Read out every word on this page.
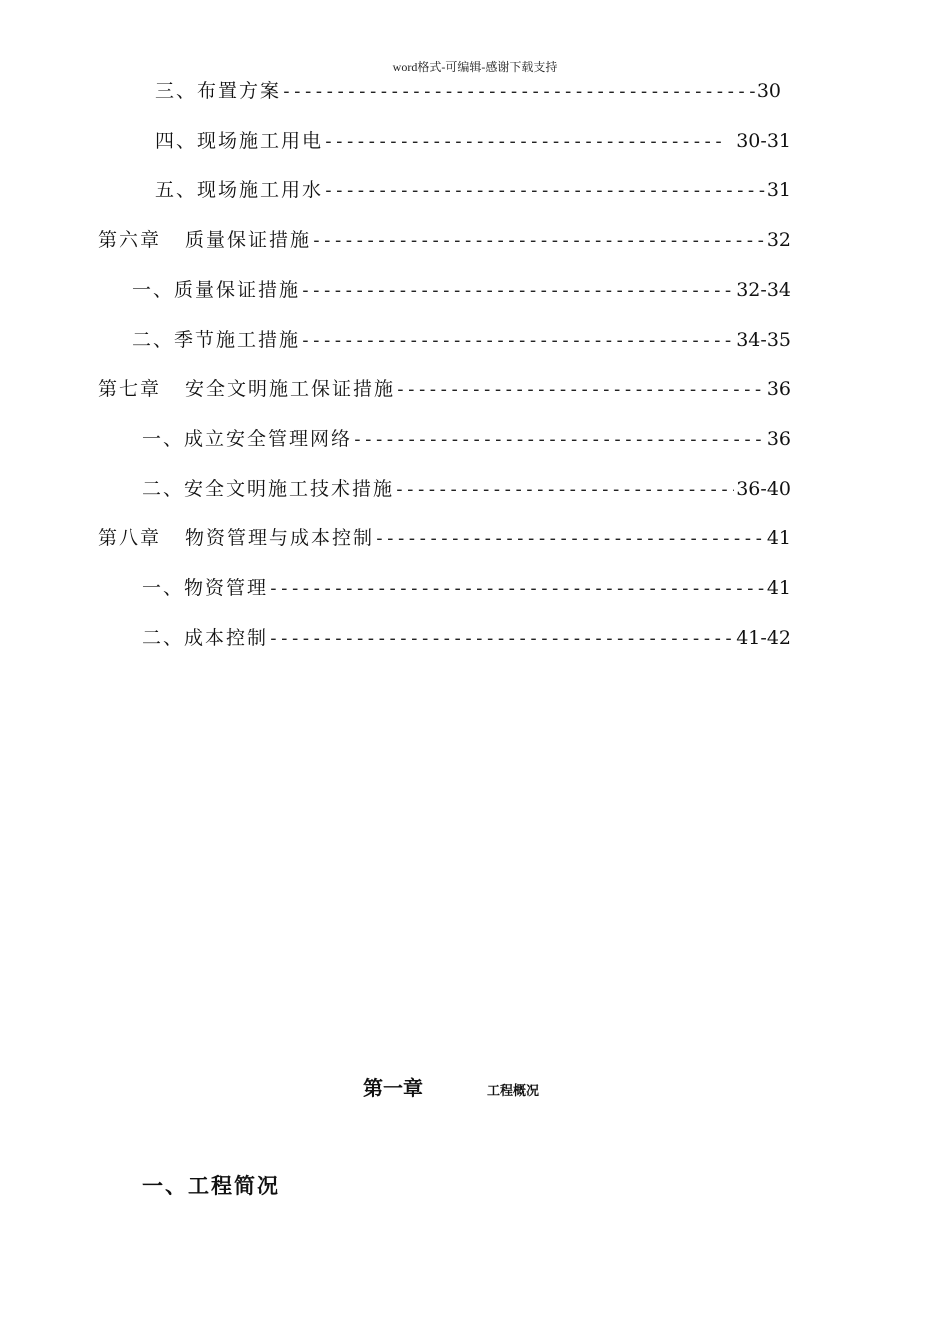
word格式-可编辑-感谢下载支持
三、布置方案 -----	30
四、现场施工用电 -----	30-31
五、现场施工用水 -----	31
第六章 质量保证措施 -----	32
一、质量保证措施 -----	32-34
二、季节施工措施 -----	34-35
第七章 安全文明施工保证措施 -----	36
一、成立安全管理网络 -----	36
二、安全文明施工技术措施 -----	36-40
第八章 物资管理与成本控制 -----	41
一、物资管理 -----	41
二、成本控制 -----	41-42
第一章	工程概况
一、工程简况
